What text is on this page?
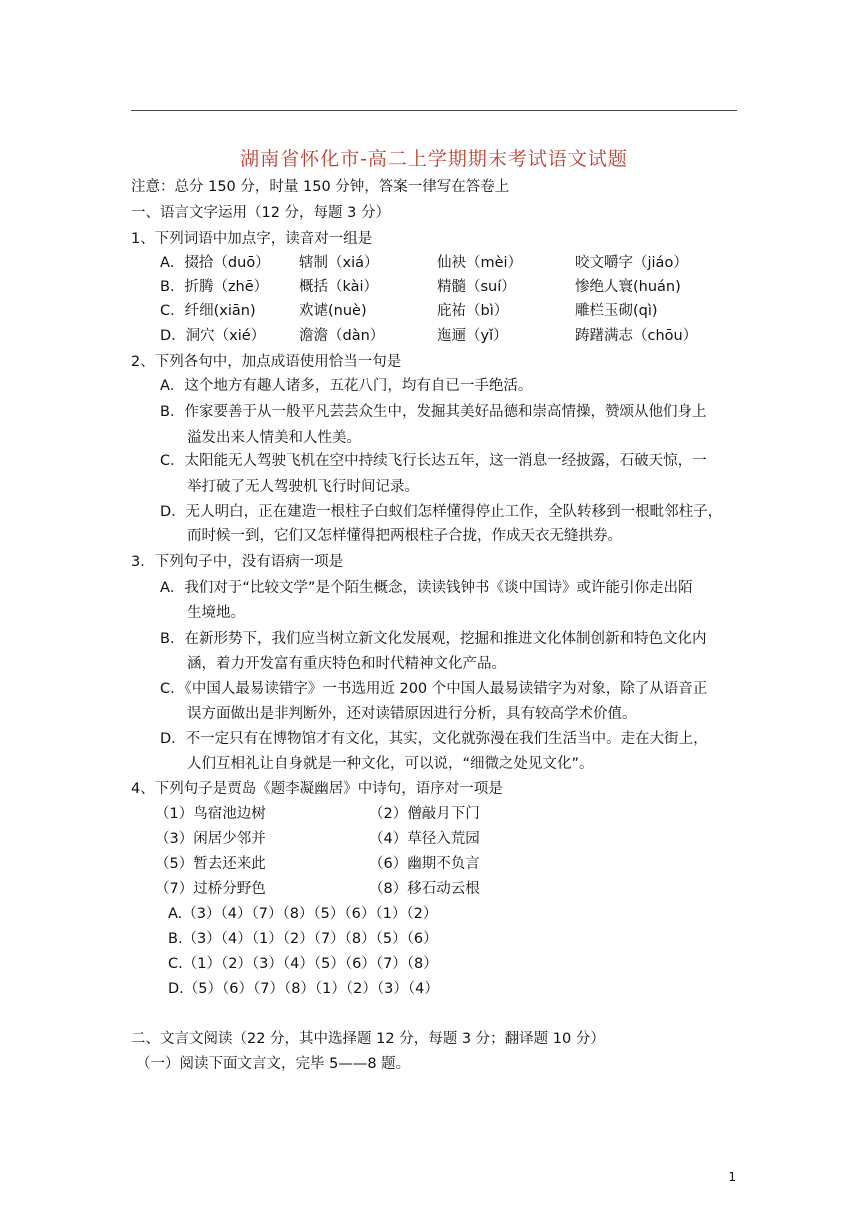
湖南省怀化市-高二上学期期末考试语文试题
注意：总分 150 分，时量 150 分钟，答案一律写在答卷上
一、语言文字运用（12 分，每题 3 分）
1、下列词语中加点字，读音对一组是
A．掇拾（duō） 辖制（xiá）	仙袂（mèi）	咬文嚼字（jiáo）
B．折腾（zhē） 概括（kài）	精髓（suí）	惨绝人寰(huán)
C．纤细(xiān)	欢谑(nuè)	庇祐（bì）	雕栏玉砌(qì)
D．洞穴（xié） 澹澹（dàn）	迤逦（yǐ）	踌躇满志（chōu）
2、下列各句中，加点成语使用恰当一句是
A．这个地方有趣人诸多，五花八门，均有自已一手绝活。
B．作家要善于从一般平凡芸芸众生中，发掘其美好品德和崇高情操，赞颂从他们身上
溢发出来人情美和人性美。
C．太阳能无人驾驶飞机在空中持续飞行长达五年，这一消息一经披露，石破天惊，一
举打破了无人驾驶机飞行时间记录。
D．无人明白，正在建造一根柱子白蚁们怎样懂得停止工作，全队转移到一根毗邻柱子，
而时候一到，它们又怎样懂得把两根柱子合拢，作成天衣无缝拱券。
3．下列句子中，没有语病一项是
A．我们对于“比较文学”是个陌生概念，读读钱钟书《谈中国诗》或许能引你走出陌
生境地。
B．在新形势下，我们应当树立新文化发展观，挖掘和推进文化体制创新和特色文化内
涵，着力开发富有重庆特色和时代精神文化产品。
C．《中国人最易读错字》一书选用近 200 个中国人最易读错字为对象，除了从语音正
误方面做出是非判断外，还对读错原因进行分析，具有较高学术价值。
D．不一定只有在博物馆才有文化，其实，文化就弥漫在我们生活当中。走在大街上，
人们互相礼让自身就是一种文化，可以说，“细微之处见文化”。
4、下列句子是贾岛《题李凝幽居》中诗句，语序对一项是
（1）鸟宿池边树	（2）僧敲月下门
（3）闲居少邻并	（4）草径入荒园
（5）暂去还来此	（6）幽期不负言
（7）过桥分野色	（8）移石动云根
A.（3）（4）（7）（8）（5）（6）（1）（2）
B.（3）（4）（1）（2）（7）（8）（5）（6）
C.（1）（2）（3）（4）（5）（6）（7）（8）
D.（5）（6）（7）（8）（1）（2）（3）（4）
二、文言文阅读（22 分，其中选择题 12 分，每题 3 分；翻译题 10 分）
（一）阅读下面文言文，完毕 5——8 题。
1
